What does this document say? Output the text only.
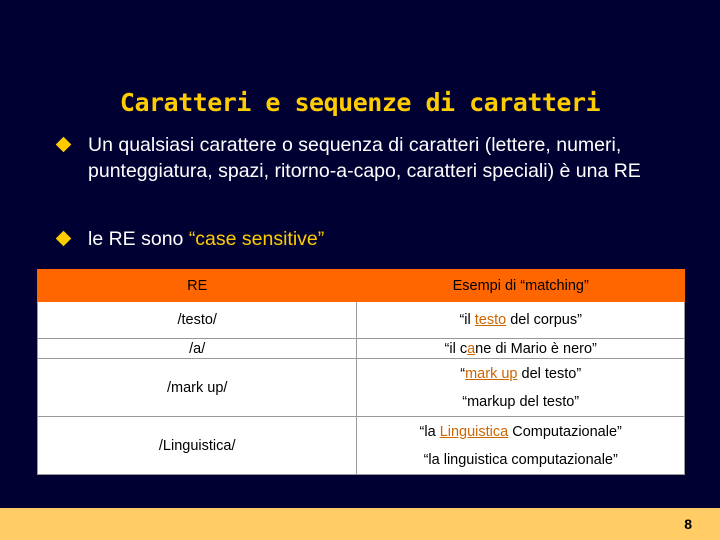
Caratteri e sequenze di caratteri
Un qualsiasi carattere o sequenza di caratteri (lettere, numeri, punteggiatura, spazi, ritorno-a-capo, caratteri speciali) è una RE
le RE sono “case sensitive”
RE	Esempi di “matching”
/testo/	“il testo del corpus”
/a/	“il cane di Mario è nero”
/mark up/	“mark up del testo”
“markup del testo”

/Linguistica/	“la Linguistica Computazionale”
“la linguistica computazionale”
8
